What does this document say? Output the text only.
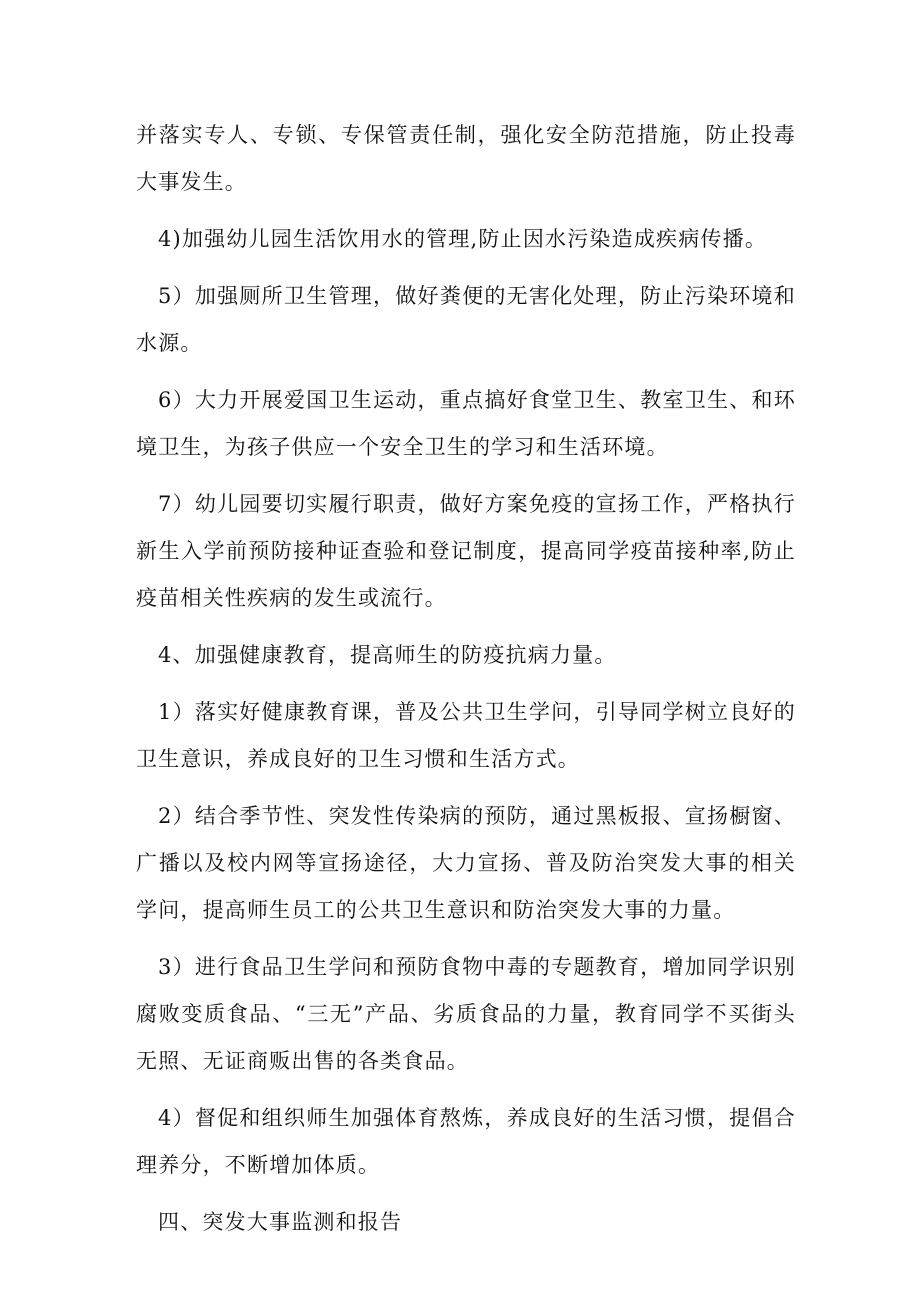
并落实专人、专锁、专保管责任制，强化安全防范措施，防止投毒大事发生。

4)加强幼儿园生活饮用水的管理,防止因水污染造成疾病传播。

5）加强厕所卫生管理，做好粪便的无害化处理，防止污染环境和水源。

6）大力开展爱国卫生运动，重点搞好食堂卫生、教室卫生、和环境卫生，为孩子供应一个安全卫生的学习和生活环境。

7）幼儿园要切实履行职责，做好方案免疫的宣扬工作，严格执行新生入学前预防接种证查验和登记制度，提高同学疫苗接种率,防止疫苗相关性疾病的发生或流行。

4、加强健康教育，提高师生的防疫抗病力量。

1）落实好健康教育课，普及公共卫生学问，引导同学树立良好的卫生意识，养成良好的卫生习惯和生活方式。

2）结合季节性、突发性传染病的预防，通过黑板报、宣扬橱窗、广播以及校内网等宣扬途径，大力宣扬、普及防治突发大事的相关学问，提高师生员工的公共卫生意识和防治突发大事的力量。

3）进行食品卫生学问和预防食物中毒的专题教育，增加同学识别腐败变质食品、“三无”产品、劣质食品的力量，教育同学不买街头无照、无证商贩出售的各类食品。

4）督促和组织师生加强体育熬炼，养成良好的生活习惯，提倡合理养分，不断增加体质。

四、突发大事监测和报告
